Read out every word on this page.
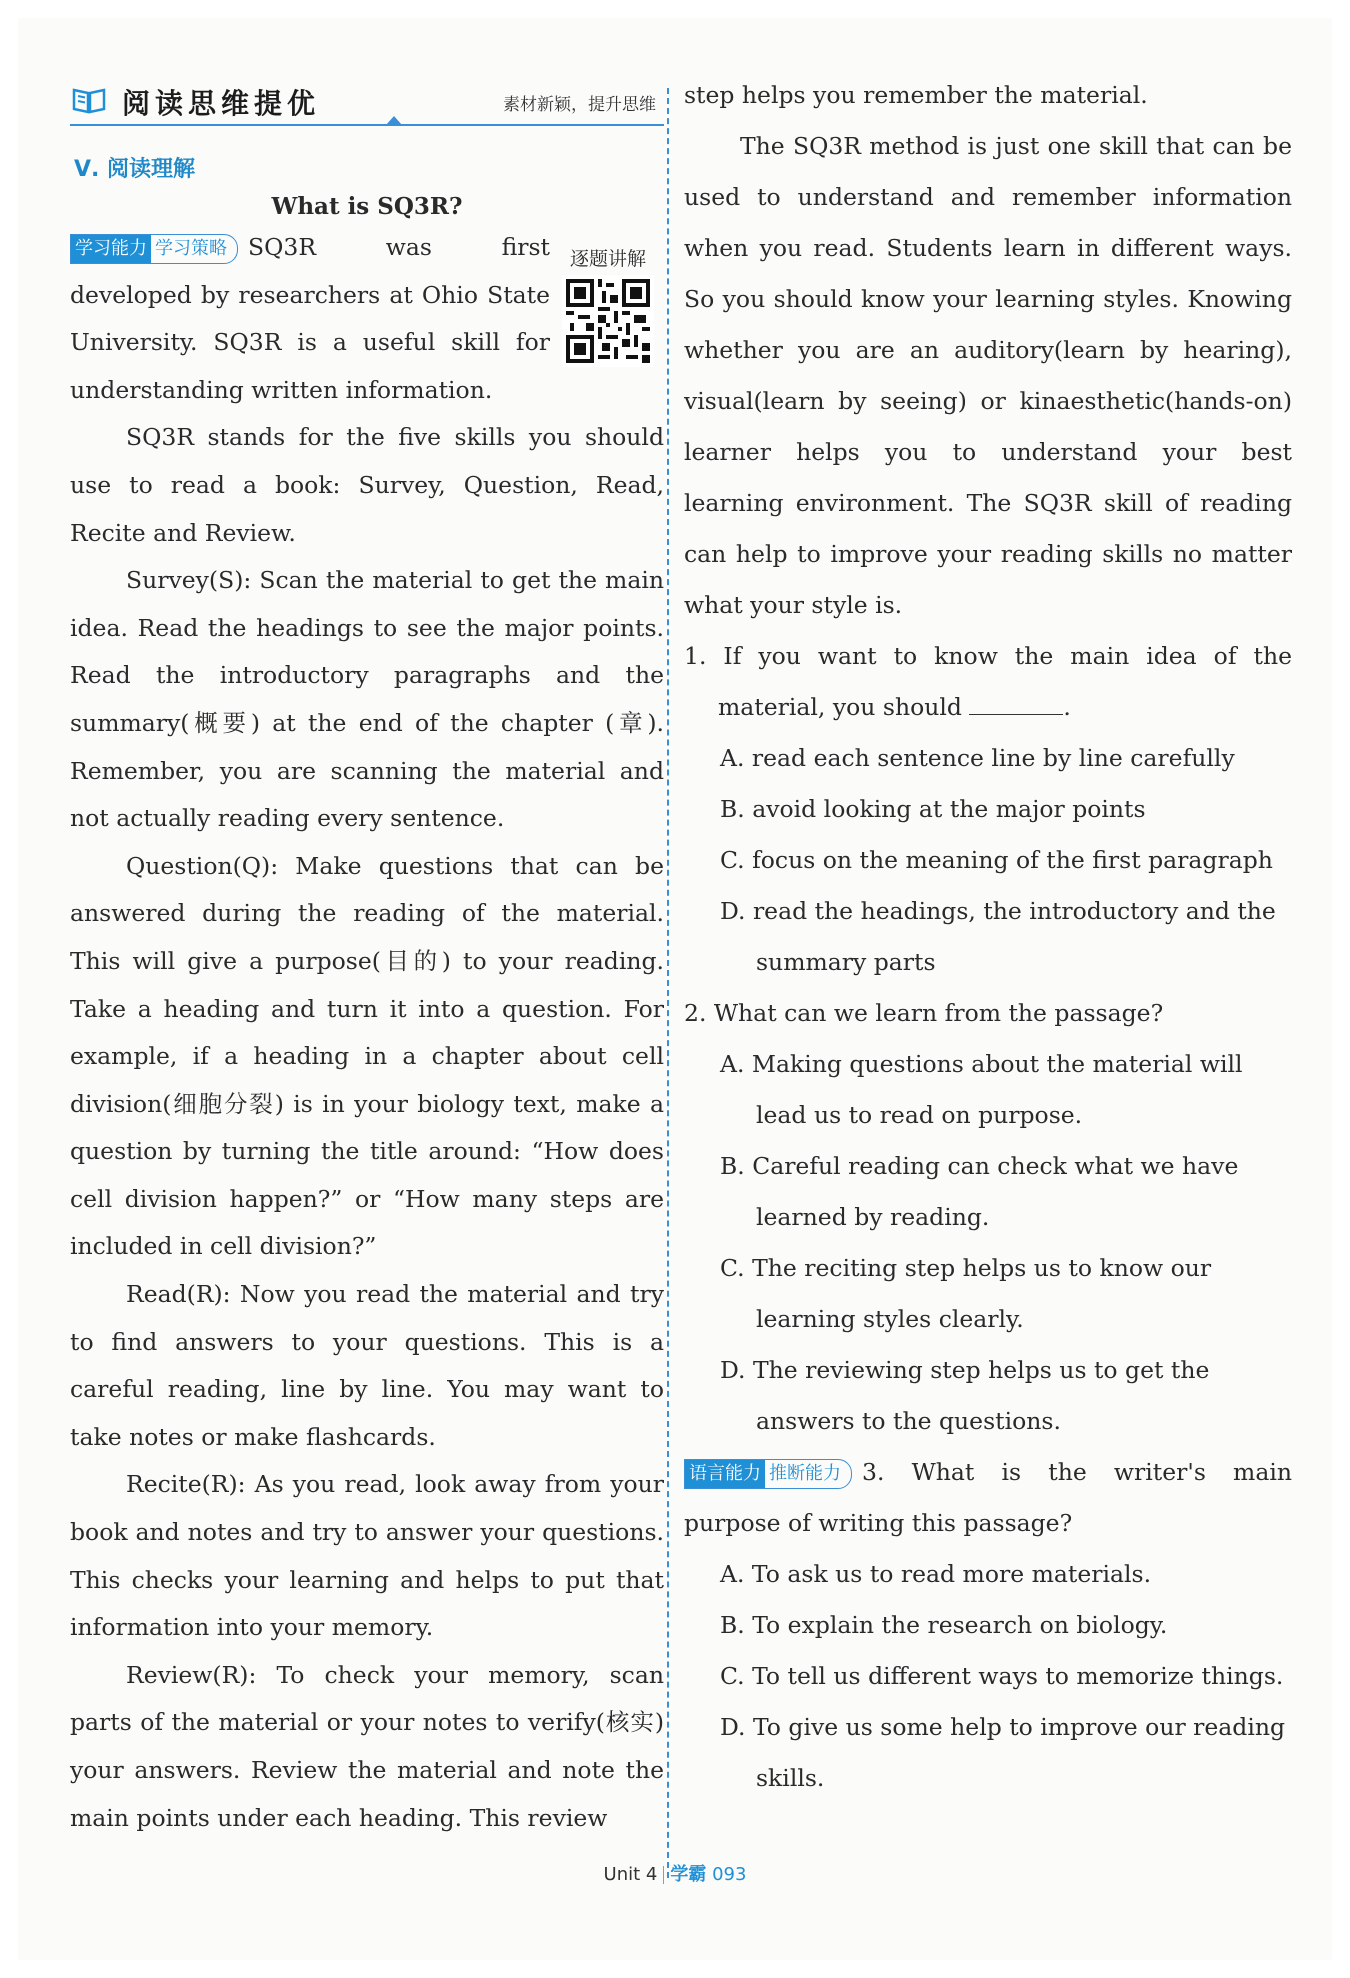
阅读思维提优	素材新颖，提升思维
Ⅴ. 阅读理解
What is SQ3R?
逐题讲解

学习能力 学习策略 SQ3R was first developed by researchers at Ohio State University. SQ3R is a useful skill for understanding written information.

SQ3R stands for the five skills you should use to read a book: Survey, Question, Read, Recite and Review.

Survey(S): Scan the material to get the main idea. Read the headings to see the major points. Read the introductory paragraphs and the summary(概要) at the end of the chapter (章). Remember, you are scanning the material and not actually reading every sentence.

Question(Q): Make questions that can be answered during the reading of the material. This will give a purpose(目的) to your reading. Take a heading and turn it into a question. For example, if a heading in a chapter about cell division(细胞分裂) is in your biology text, make a question by turning the title around: “How does cell division happen?” or “How many steps are included in cell division?”

Read(R): Now you read the material and try to find answers to your questions. This is a careful reading, line by line. You may want to take notes or make flashcards.

Recite(R): As you read, look away from your book and notes and try to answer your questions. This checks your learning and helps to put that information into your memory.

Review(R): To check your memory, scan parts of the material or your notes to verify(核实) your answers. Review the material and note the main points under each heading. This review

step helps you remember the material.

The SQ3R method is just one skill that can be used to understand and remember information when you read. Students learn in different ways. So you should know your learning styles. Knowing whether you are an auditory(learn by hearing), visual(learn by seeing) or kinaesthetic(hands-on) learner helps you to understand your best learning environment. The SQ3R skill of reading can help to improve your reading skills no matter what your style is.

1. If you want to know the main idea of the material, you should	.

A. read each sentence line by line carefully

B. avoid looking at the major points

C. focus on the meaning of the first paragraph

D. read the headings, the introductory and the summary parts

2. What can we learn from the passage?

A. Making questions about the material will lead us to read on purpose.

B. Careful reading can check what we have learned by reading.

C. The reciting step helps us to know our learning styles clearly.

D. The reviewing step helps us to get the answers to the questions.

语言能力 推断能力 3. What is the writer's main purpose of writing this passage?

A. To ask us to read more materials.

B. To explain the research on biology.

C. To tell us different ways to memorize things.

D. To give us some help to improve our reading skills.

Unit 4 学霸 093
